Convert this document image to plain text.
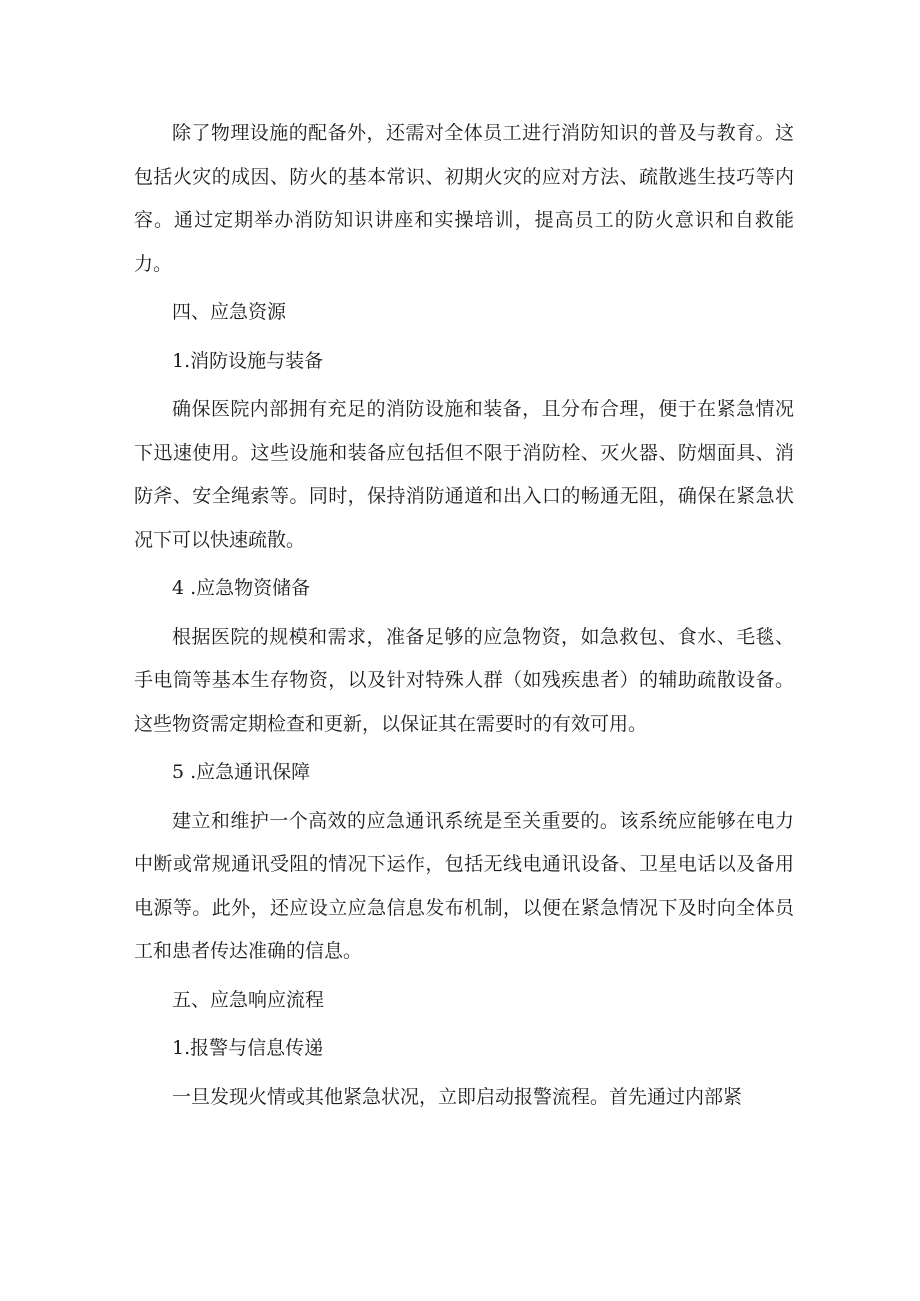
除了物理设施的配备外，还需对全体员工进行消防知识的普及与教育。这包括火灾的成因、防火的基本常识、初期火灾的应对方法、疏散逃生技巧等内容。通过定期举办消防知识讲座和实操培训，提高员工的防火意识和自救能力。

四、应急资源

1.消防设施与装备

确保医院内部拥有充足的消防设施和装备，且分布合理，便于在紧急情况下迅速使用。这些设施和装备应包括但不限于消防栓、灭火器、防烟面具、消防斧、安全绳索等。同时，保持消防通道和出入口的畅通无阻，确保在紧急状况下可以快速疏散。

4 .应急物资储备

根据医院的规模和需求，准备足够的应急物资，如急救包、食水、毛毯、手电筒等基本生存物资，以及针对特殊人群（如残疾患者）的辅助疏散设备。这些物资需定期检查和更新，以保证其在需要时的有效可用。

5 .应急通讯保障

建立和维护一个高效的应急通讯系统是至关重要的。该系统应能够在电力中断或常规通讯受阻的情况下运作，包括无线电通讯设备、卫星电话以及备用电源等。此外，还应设立应急信息发布机制，以便在紧急情况下及时向全体员工和患者传达准确的信息。

五、应急响应流程

1.报警与信息传递

一旦发现火情或其他紧急状况，立即启动报警流程。首先通过内部紧
